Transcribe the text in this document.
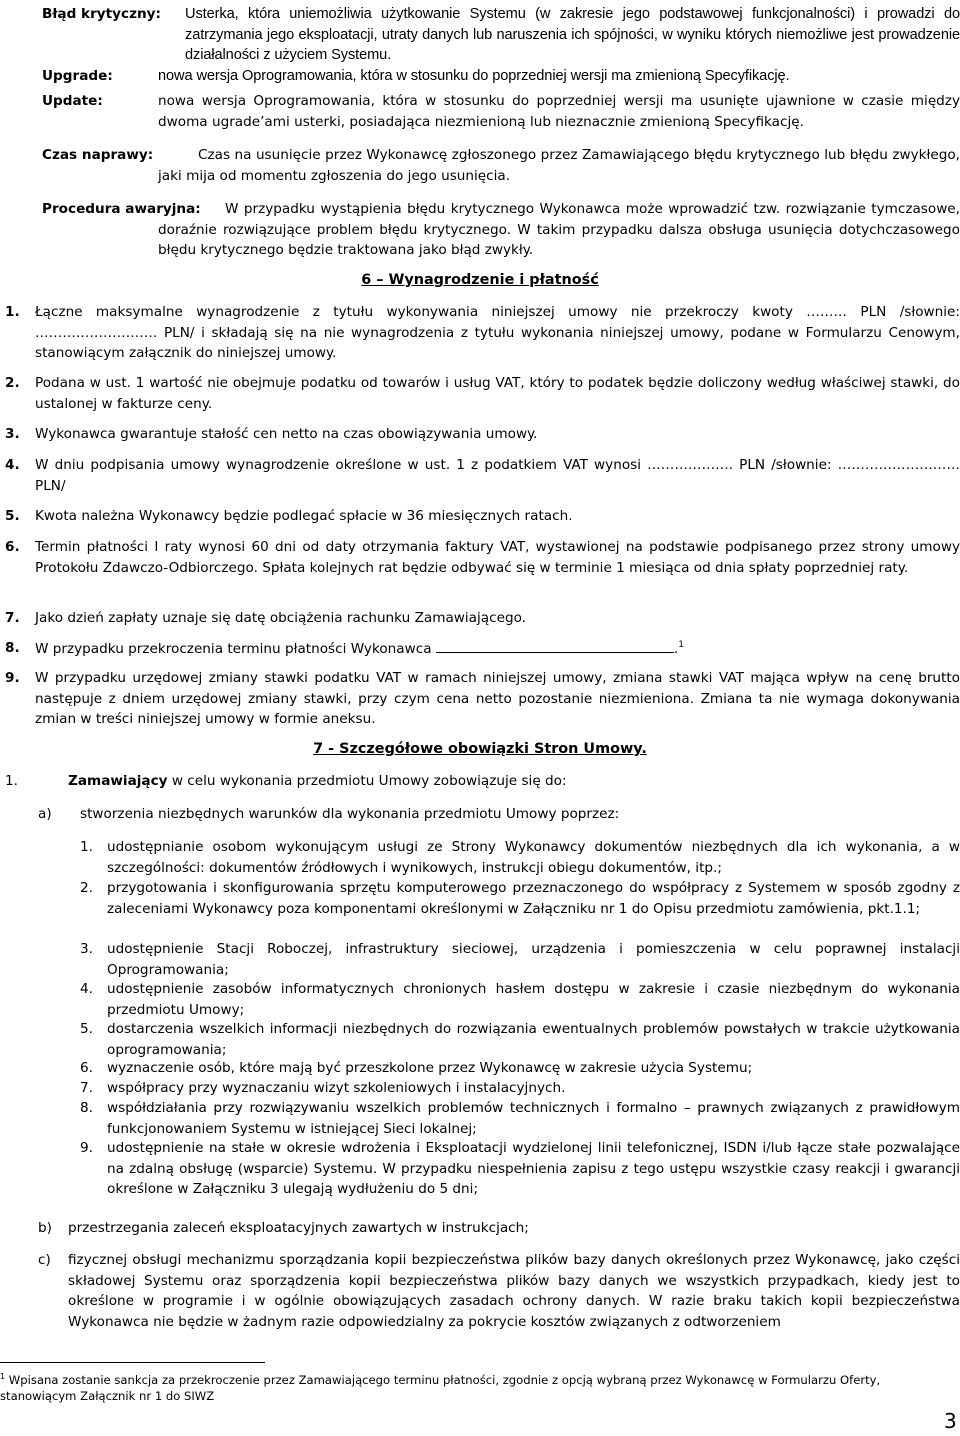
Błąd krytyczny: Usterka, która uniemożliwia użytkowanie Systemu (w zakresie jego podstawowej funkcjonalności) i prowadzi do zatrzymania jego eksploatacji, utraty danych lub naruszenia ich spójności, w wyniku których niemożliwe jest prowadzenie działalności z użyciem Systemu.
Upgrade:	nowa wersja Oprogramowania, która w stosunku do poprzedniej wersji ma zmienioną Specyfikację.
Update:	nowa wersja Oprogramowania, która w stosunku do poprzedniej wersji ma usunięte ujawnione w czasie między dwoma ugrade’ami usterki, posiadająca niezmienioną lub nieznacznie zmienioną Specyfikację.
Czas naprawy:	Czas na usunięcie przez Wykonawcę zgłoszonego przez Zamawiającego błędu krytycznego lub błędu zwykłego, jaki mija od momentu zgłoszenia do jego usunięcia.
Procedura awaryjna:	W przypadku wystąpienia błędu krytycznego Wykonawca może wprowadzić tzw. rozwiązanie tymczasowe, doraźnie rozwiązujące problem błędu krytycznego. W takim przypadku dalsza obsługa usunięcia dotychczasowego błędu krytycznego będzie traktowana jako błąd zwykły.
6 – Wynagrodzenie i płatność
1. Łączne maksymalne wynagrodzenie z tytułu wykonywania niniejszej umowy nie przekroczy kwoty ……… PLN /słownie: ……………………… PLN/ i składają się na nie wynagrodzenia z tytułu wykonania niniejszej umowy, podane w Formularzu Cenowym, stanowiącym załącznik do niniejszej umowy.
2. Podana w ust. 1 wartość nie obejmuje podatku od towarów i usług VAT, który to podatek będzie doliczony według właściwej stawki, do ustalonej w fakturze ceny.
3. Wykonawca gwarantuje stałość cen netto na czas obowiązywania umowy.
4. W dniu podpisania umowy wynagrodzenie określone w ust. 1 z podatkiem VAT wynosi ………………. PLN /słownie: ……………………… PLN/
5. Kwota należna Wykonawcy będzie podlegać spłacie w 36 miesięcznych ratach.
6. Termin płatności I raty wynosi 60 dni od daty otrzymania faktury VAT, wystawionej na podstawie podpisanego przez strony umowy Protokołu Zdawczo-Odbiorczego. Spłata kolejnych rat będzie odbywać się w terminie 1 miesiąca od dnia spłaty poprzedniej raty.
7. Jako dzień zapłaty uznaje się datę obciążenia rachunku Zamawiającego.
8. W przypadku przekroczenia terminu płatności Wykonawca	.$^1$
9. W przypadku urzędowej zmiany stawki podatku VAT w ramach niniejszej umowy, zmiana stawki VAT mająca wpływ na cenę brutto następuje z dniem urzędowej zmiany stawki, przy czym cena netto pozostanie niezmieniona. Zmiana ta nie wymaga dokonywania zmian w treści niniejszej umowy w formie aneksu.
7 - Szczegółowe obowiązki Stron Umowy.
1.	Zamawiający w celu wykonania przedmiotu Umowy zobowiązuje się do:
a) stworzenia niezbędnych warunków dla wykonania przedmiotu Umowy poprzez:
1. udostępnianie osobom wykonującym usługi ze Strony Wykonawcy dokumentów niezbędnych dla ich wykonania, a w szczególności: dokumentów źródłowych i wynikowych, instrukcji obiegu dokumentów, itp.;
2. przygotowania i skonfigurowania sprzętu komputerowego przeznaczonego do współpracy z Systemem w sposób zgodny z zaleceniami Wykonawcy poza komponentami określonymi w Załączniku nr 1 do Opisu przedmiotu zamówienia, pkt.1.1;
3. udostępnienie Stacji Roboczej, infrastruktury sieciowej, urządzenia i pomieszczenia w celu poprawnej instalacji Oprogramowania;
4. udostępnienie zasobów informatycznych chronionych hasłem dostępu w zakresie i czasie niezbędnym do wykonania przedmiotu Umowy;
5. dostarczenia wszelkich informacji niezbędnych do rozwiązania ewentualnych problemów powstałych w trakcie użytkowania oprogramowania;
6. wyznaczenie osób, które mają być przeszkolone przez Wykonawcę w zakresie użycia Systemu;
7. współpracy przy wyznaczaniu wizyt szkoleniowych i instalacyjnych.
8. współdziałania przy rozwiązywaniu wszelkich problemów technicznych i formalno – prawnych związanych z prawidłowym funkcjonowaniem Systemu w istniejącej Sieci lokalnej;
9. udostępnienie na stałe w okresie wdrożenia i Eksploatacji wydzielonej linii telefonicznej, ISDN i/lub łącze stałe pozwalające na zdalną obsługę (wsparcie) Systemu. W przypadku niespełnienia zapisu z tego ustępu wszystkie czasy reakcji i gwarancji określone w Załączniku 3 ulegają wydłużeniu do 5 dni;
b) przestrzegania zaleceń eksploatacyjnych zawartych w instrukcjach;
c) fizycznej obsługi mechanizmu sporządzania kopii bezpieczeństwa plików bazy danych określonych przez Wykonawcę, jako części składowej Systemu oraz sporządzenia kopii bezpieczeństwa plików bazy danych we wszystkich przypadkach, kiedy jest to określone w programie i w ogólnie obowiązujących zasadach ochrony danych. W razie braku takich kopii bezpieczeństwa Wykonawca nie będzie w żadnym razie odpowiedzialny za pokrycie kosztów związanych z odtworzeniem
$^1$ Wpisana zostanie sankcja za przekroczenie przez Zamawiającego terminu płatności, zgodnie z opcją wybraną przez Wykonawcę w Formularzu Oferty, stanowiącym Załącznik nr 1 do SIWZ
3
